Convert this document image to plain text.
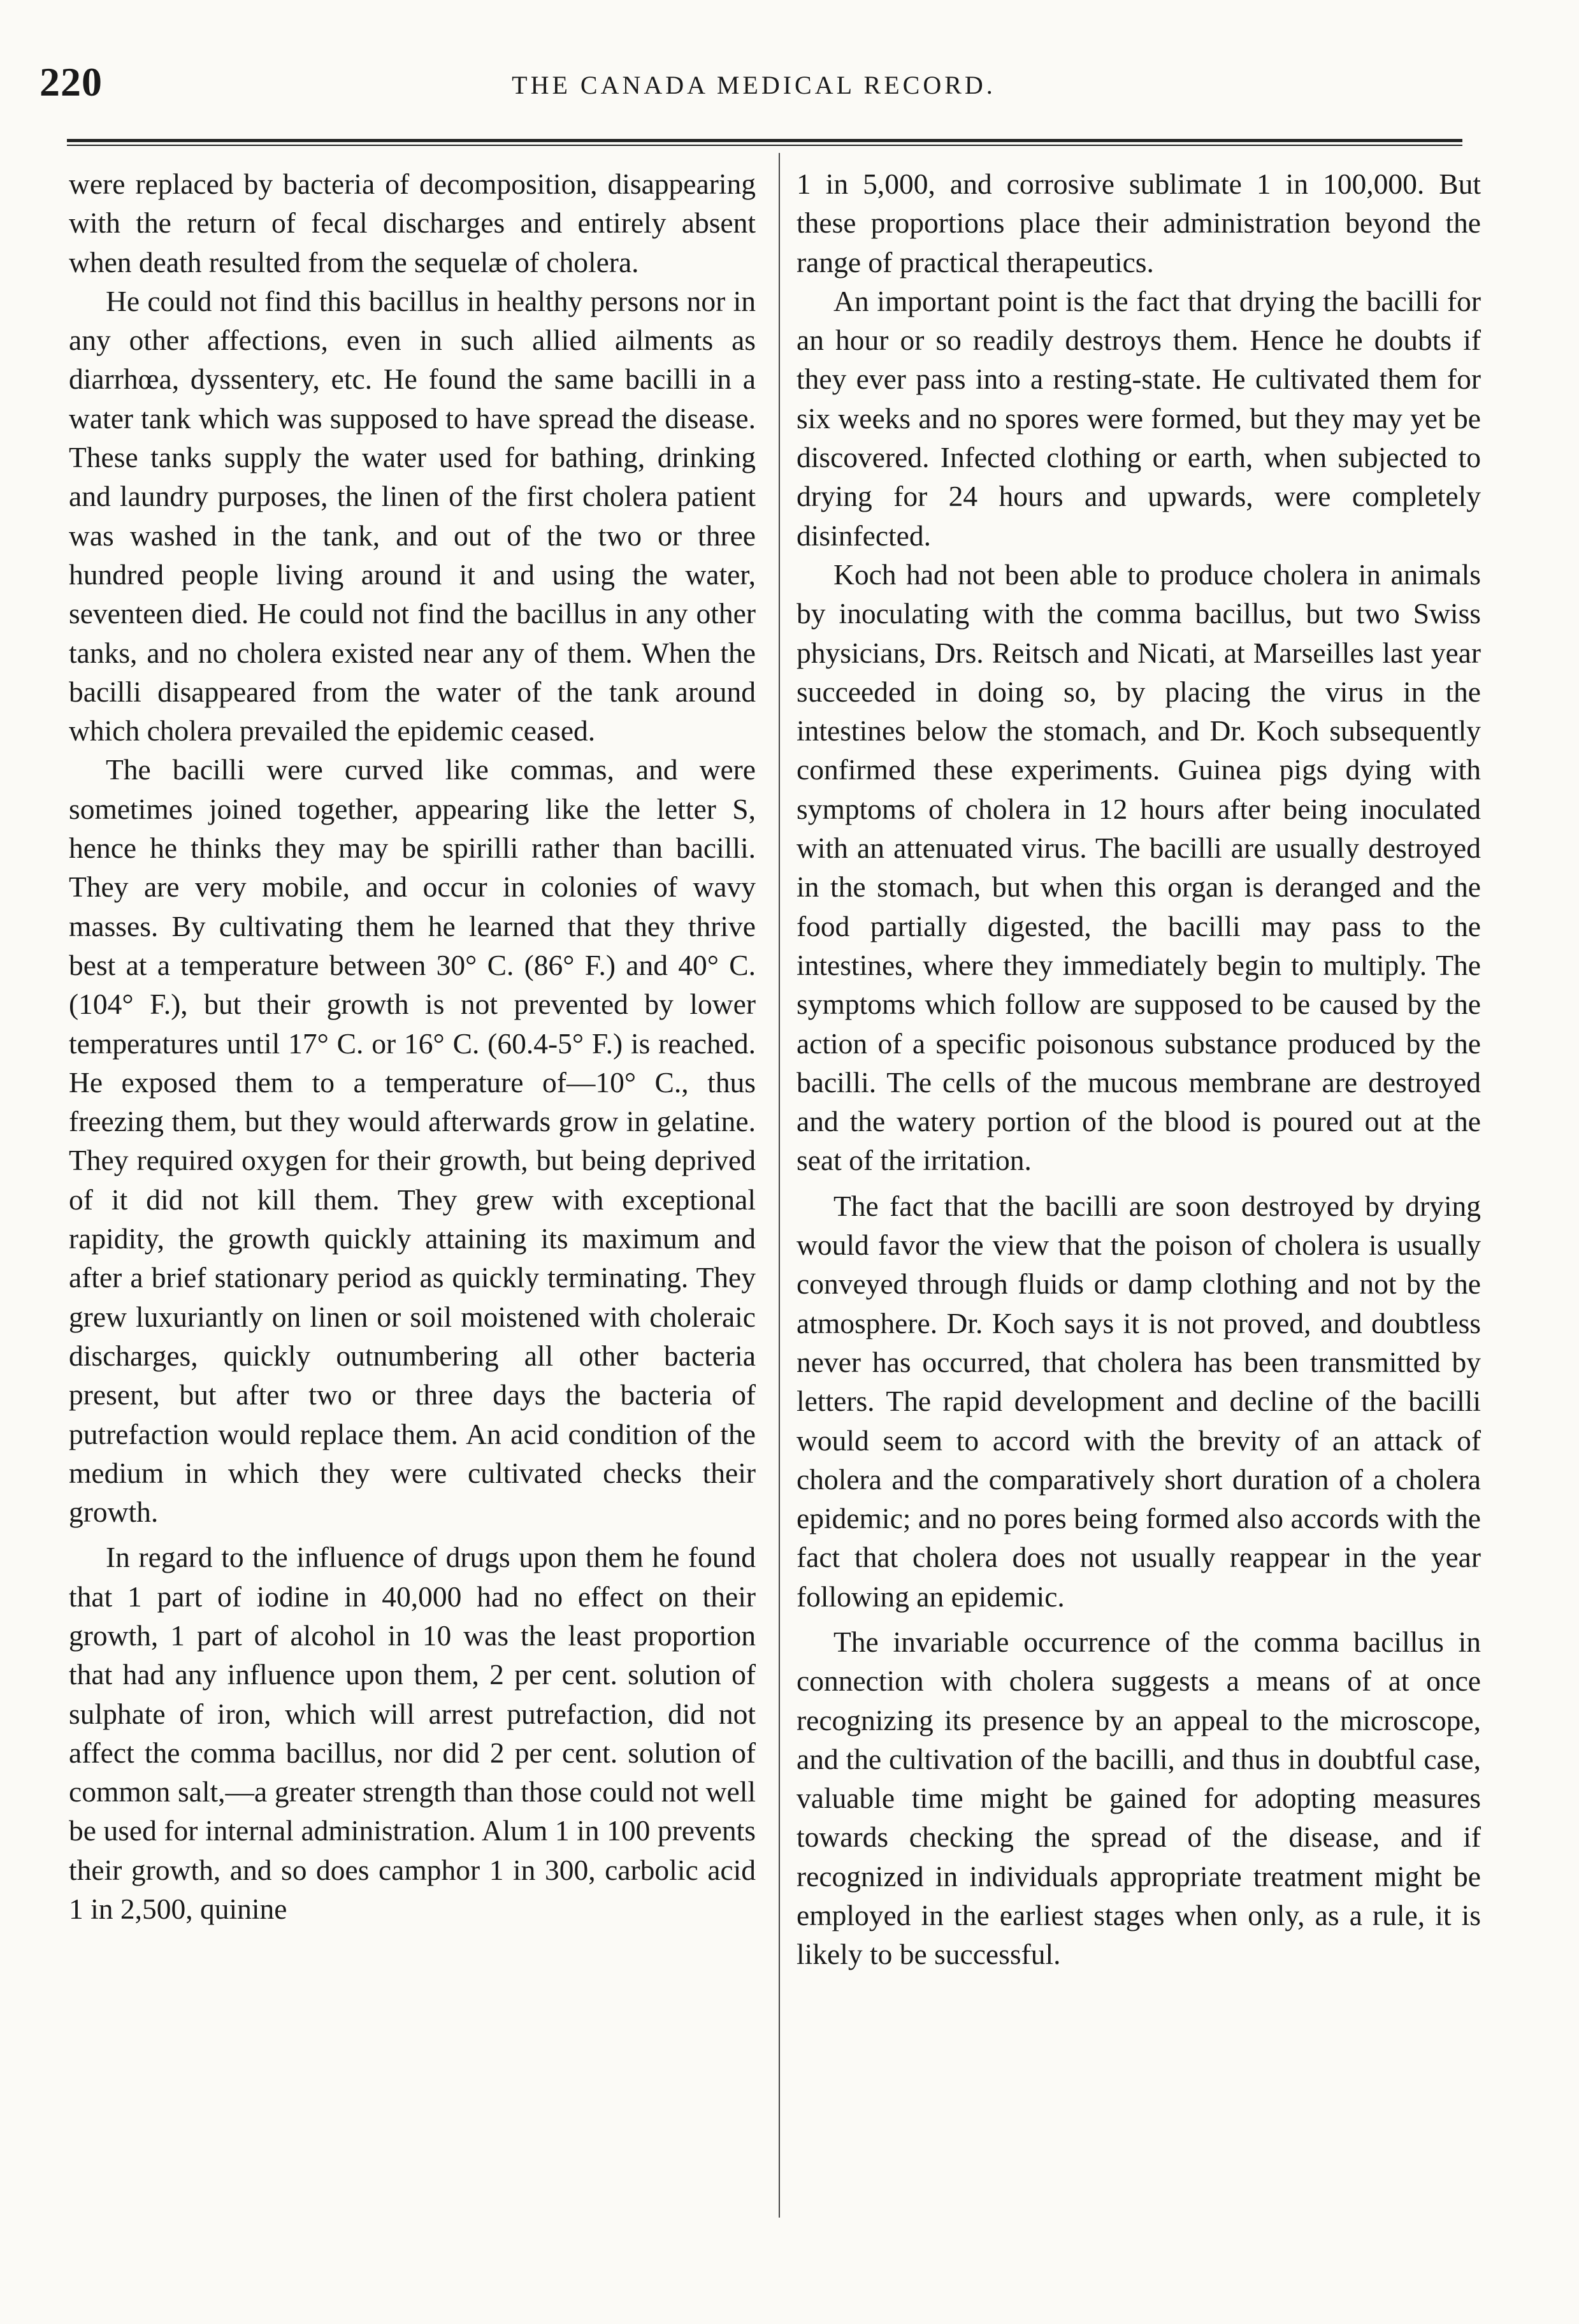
220	THE CANADA MEDICAL RECORD.

were replaced by bacteria of decomposition, disappearing with the return of fecal discharges and entirely absent when death resulted from the sequelæ of cholera.

He could not find this bacillus in healthy persons nor in any other affections, even in such allied ailments as diarrhœa, dyssentery, etc. He found the same bacilli in a water tank which was supposed to have spread the disease. These tanks supply the water used for bathing, drinking and laundry purposes, the linen of the first cholera patient was washed in the tank, and out of the two or three hundred people living around it and using the water, seventeen died. He could not find the bacillus in any other tanks, and no cholera existed near any of them. When the bacilli disappeared from the water of the tank around which cholera prevailed the epidemic ceased.

The bacilli were curved like commas, and were sometimes joined together, appearing like the letter S, hence he thinks they may be spirilli rather than bacilli. They are very mobile, and occur in colonies of wavy masses. By cultivating them he learned that they thrive best at a temperature between 30° C. (86° F.) and 40° C. (104° F.), but their growth is not prevented by lower temperatures until 17° C. or 16° C. (60.4-5° F.) is reached. He exposed them to a temperature of—10° C., thus freezing them, but they would afterwards grow in gelatine. They required oxygen for their growth, but being deprived of it did not kill them. They grew with exceptional rapidity, the growth quickly attaining its maximum and after a brief stationary period as quickly terminating. They grew luxuriantly on linen or soil moistened with choleraic discharges, quickly outnumbering all other bacteria present, but after two or three days the bacteria of putrefaction would replace them. An acid condition of the medium in which they were cultivated checks their growth.

In regard to the influence of drugs upon them he found that 1 part of iodine in 40,000 had no effect on their growth, 1 part of alcohol in 10 was the least proportion that had any influence upon them, 2 per cent. solution of sulphate of iron, which will arrest putrefaction, did not affect the comma bacillus, nor did 2 per cent. solution of common salt,—a greater strength than those could not well be used for internal administration. Alum 1 in 100 prevents their growth, and so does camphor 1 in 300, carbolic acid 1 in 2,500, quinine

1 in 5,000, and corrosive sublimate 1 in 100,000. But these proportions place their administration beyond the range of practical therapeutics.

An important point is the fact that drying the bacilli for an hour or so readily destroys them. Hence he doubts if they ever pass into a resting-state. He cultivated them for six weeks and no spores were formed, but they may yet be discovered. Infected clothing or earth, when subjected to drying for 24 hours and upwards, were completely disinfected.

Koch had not been able to produce cholera in animals by inoculating with the comma bacillus, but two Swiss physicians, Drs. Reitsch and Nicati, at Marseilles last year succeeded in doing so, by placing the virus in the intestines below the stomach, and Dr. Koch subsequently confirmed these experiments. Guinea pigs dying with symptoms of cholera in 12 hours after being inoculated with an attenuated virus. The bacilli are usually destroyed in the stomach, but when this organ is deranged and the food partially digested, the bacilli may pass to the intestines, where they immediately begin to multiply. The symptoms which follow are supposed to be caused by the action of a specific poisonous substance produced by the bacilli. The cells of the mucous membrane are destroyed and the watery portion of the blood is poured out at the seat of the irritation.

The fact that the bacilli are soon destroyed by drying would favor the view that the poison of cholera is usually conveyed through fluids or damp clothing and not by the atmosphere. Dr. Koch says it is not proved, and doubtless never has occurred, that cholera has been transmitted by letters. The rapid development and decline of the bacilli would seem to accord with the brevity of an attack of cholera and the comparatively short duration of a cholera epidemic; and no pores being formed also accords with the fact that cholera does not usually reappear in the year following an epidemic.

The invariable occurrence of the comma bacillus in connection with cholera suggests a means of at once recognizing its presence by an appeal to the microscope, and the cultivation of the bacilli, and thus in doubtful case, valuable time might be gained for adopting measures towards checking the spread of the disease, and if recognized in individuals appropriate treatment might be employed in the earliest stages when only, as a rule, it is likely to be successful.
